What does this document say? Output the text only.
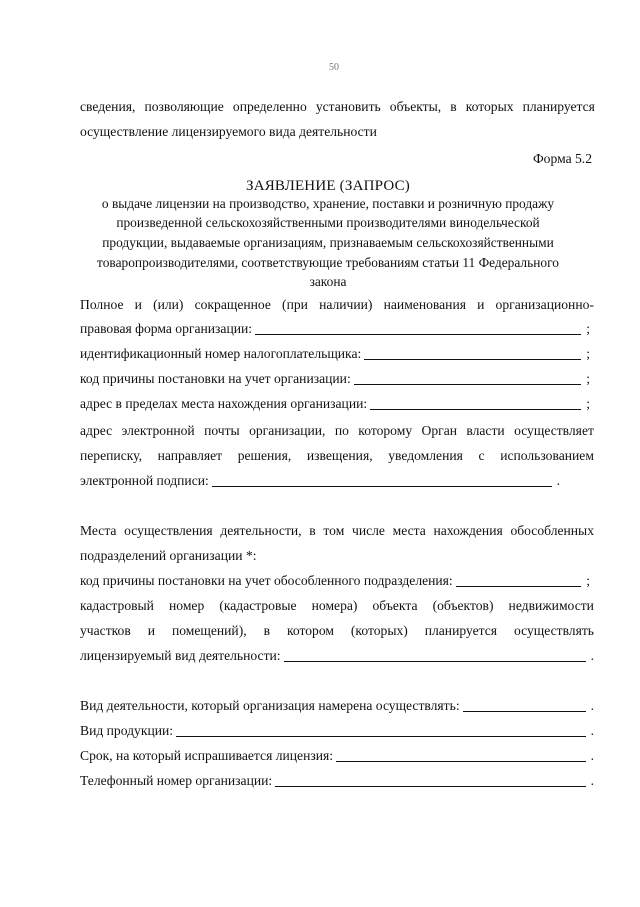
50
сведения, позволяющие определенно установить объекты, в которых планируется
осуществление лицензируемого вида деятельности
Форма 5.2
ЗАЯВЛЕНИЕ (ЗАПРОС)
о выдаче лицензии на производство, хранение, поставки и розничную продажу
произведенной сельскохозяйственными производителями винодельческой
продукции, выдаваемые организациям, признаваемым сельскохозяйственными
товаропроизводителями, соответствующие требованиям статьи 11 Федерального
закона
Полное и (или) сокращенное (при наличии) наименования и организационно-
правовая форма организации:	;
идентификационный номер налогоплательщика:	;
код причины постановки на учет организации:	;
адрес в пределах места нахождения организации:	;
адрес электронной почты организации, по которому Орган власти осуществляет
переписку, направляет решения, извещения, уведомления с использованием
электронной подписи:	.
Места осуществления деятельности, в том числе места нахождения обособленных
подразделений организации *:
код причины постановки на учет обособленного подразделения:	;
кадастровый номер (кадастровые номера) объекта (объектов) недвижимости
участков и помещений), в котором (которых) планируется осуществлять
лицензируемый вид деятельности:	.
Вид деятельности, который организация намерена осуществлять:	.
Вид продукции:	.
Срок, на который испрашивается лицензия:	.
Телефонный номер организации:	.
